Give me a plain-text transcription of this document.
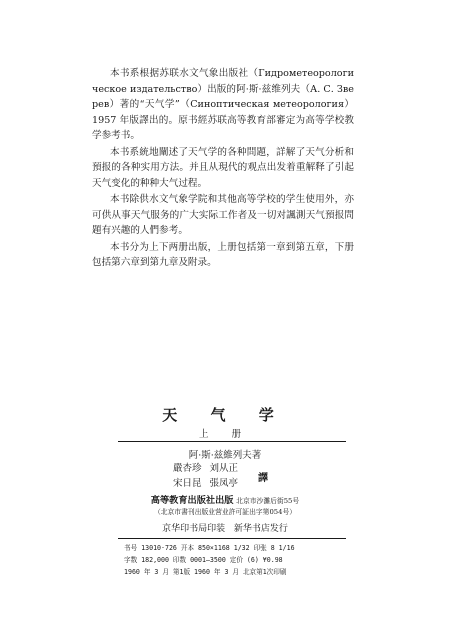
本书系根据苏联水文气象出版社（Гидрометеорологическое издательство）出版的阿·斯·兹维列夫（А. С. Зверев）著的“天气学”（Синоптическая метеорология）1957 年版譯出的。原书經苏联高等教育部審定为高等学校教学参考书。

本书系統地闡述了天气学的各种問題，詳解了天气分析和預报的各种实用方法。并且从現代的观点出发着重解释了引起天气变化的种种大气过程。

本书除供水文气象学院和其他高等学校的学生使用外，亦可供从事天气服务的广大实际工作者及一切对諷測天气預报問題有兴趣的人們参考。

本书分为上下两册出版，上册包括第一章到第五章，下册包括第六章到第九章及附录。

天 气 学
上 册
阿·斯·兹維列夫著
嚴杏珍 刘从正
宋日昆 張凤亭 譯
高等教育出版社出版 北京市沙灘后街55号
（北京市書刊出版业营业許可証出字第054号）
京华印书局印装 新华书店发行
书号 13010·726 开本 850×1168 1/32 印张 8 1/16
字数 182,000 印数 0001—3500 定价 (6) ¥0.98
1960 年 3 月 第1版 1960 年 3 月 北京第1次印刷
